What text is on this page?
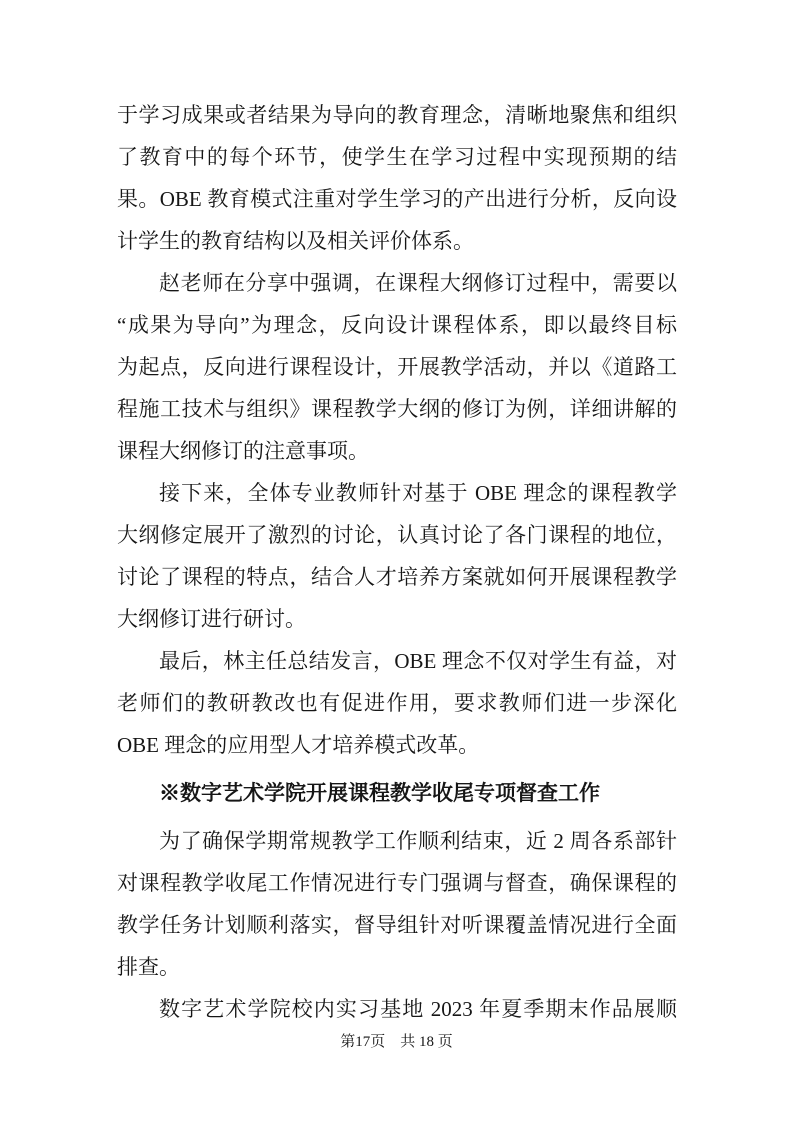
于学习成果或者结果为导向的教育理念，清晰地聚焦和组织
了教育中的每个环节，使学生在学习过程中实现预期的结
果。OBE 教育模式注重对学生学习的产出进行分析，反向设
计学生的教育结构以及相关评价体系。
赵老师在分享中强调，在课程大纲修订过程中，需要以
“成果为导向”为理念，反向设计课程体系，即以最终目标
为起点，反向进行课程设计，开展教学活动，并以《道路工
程施工技术与组织》课程教学大纲的修订为例，详细讲解的
课程大纲修订的注意事项。
接下来，全体专业教师针对基于 OBE 理念的课程教学
大纲修定展开了激烈的讨论，认真讨论了各门课程的地位，
讨论了课程的特点，结合人才培养方案就如何开展课程教学
大纲修订进行研讨。
最后，林主任总结发言，OBE 理念不仅对学生有益，对
老师们的教研教改也有促进作用，要求教师们进一步深化
OBE 理念的应用型人才培养模式改革。
※数字艺术学院开展课程教学收尾专项督查工作
为了确保学期常规教学工作顺利结束，近 2 周各系部针
对课程教学收尾工作情况进行专门强调与督查，确保课程的
教学任务计划顺利落实，督导组针对听课覆盖情况进行全面
排查。
数字艺术学院校内实习基地 2023 年夏季期末作品展顺
第17页　共 18 页
